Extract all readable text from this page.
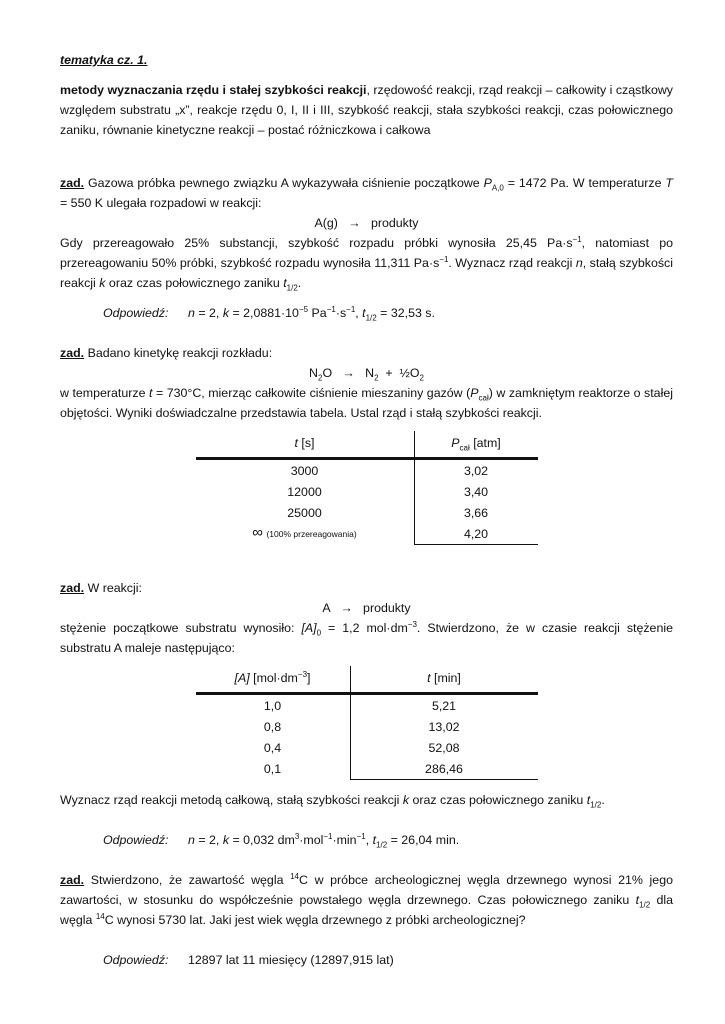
tematyka cz. 1.

metody wyznaczania rzędu i stałej szybkości reakcji, rzędowość reakcji, rząd reakcji – całkowity i cząstkowy względem substratu „x”, reakcje rzędu 0, I, II i III, szybkość reakcji, stała szybkości reakcji, czas połowicznego zaniku, równanie kinetyczne reakcji – postać różniczkowa i całkowa

zad. Gazowa próbka pewnego związku A wykazywała ciśnienie początkowe $P_{A,0} = 1472$ Pa. W temperaturze T = 550 K ulegała rozpadowi w reakcji:

A(g)   →   produkty

Gdy przereagowało 25% substancji, szybkość rozpadu próbki wynosiła 25,45 $Pa\cdot s^{-1}$, natomiast po przereagowaniu 50% próbki, szybkość rozpadu wynosiła 11,311 $Pa\cdot s^{-1}$. Wyznacz rząd reakcji n, stałą szybkości reakcji k oraz czas połowicznego zaniku $t_{1/2}$.

Odpowiedź: n = 2, $k = 2,0881\cdot 10^{-5}$ $Pa^{-1}\cdot s^{-1}$, $t_{1/2} = 32,53$ s.

zad. Badano kinetykę reakcji rozkładu:

$N_2O \to N_2$  +  $\frac{1}{2}O_2$

w temperaturze t = 730°C, mierząc całkowite ciśnienie mieszaniny gazów $(P_{cał})$ w zamkniętym reaktorze o stałej objętości. Wyniki doświadczalne przedstawia tabela. Ustal rząd i stałą szybkości reakcji.

t [s]	$P_{cał}$ [atm]
3000	3,02
12000	3,40
25000	3,66
∞ (100% przereagowania)	4,20

zad. W reakcji:

A   →   produkty

stężenie początkowe substratu wynosiło: $[A]_0 = 1,2$ $mol\cdot dm^{-3}$. Stwierdzono, że w czasie reakcji stężenie substratu A maleje następująco:

[A] $[mol\cdot dm^{-3}]$	t [min]
1,0	5,21
0,8	13,02
0,4	52,08
0,1	286,46

Wyznacz rząd reakcji metodą całkową, stałą szybkości reakcji k oraz czas połowicznego zaniku $t_{1/2}$.

Odpowiedź: n = 2, k = 0,032 $dm^3\cdot mol^{-1}\cdot\min^{-1}$, $t_{1/2} = 26,04$ min.

zad. Stwierdzono, że zawartość węgla $^{14}$C w próbce archeologicznej węgla drzewnego wynosi 21% jego zawartości, w stosunku do współcześnie powstałego węgla drzewnego. Czas połowicznego zaniku $t_{1/2}$ dla węgla $^{14}$C wynosi 5730 lat. Jaki jest wiek węgla drzewnego z próbki archeologicznej?

Odpowiedź: 12897 lat 11 miesięcy (12897,915 lat)
